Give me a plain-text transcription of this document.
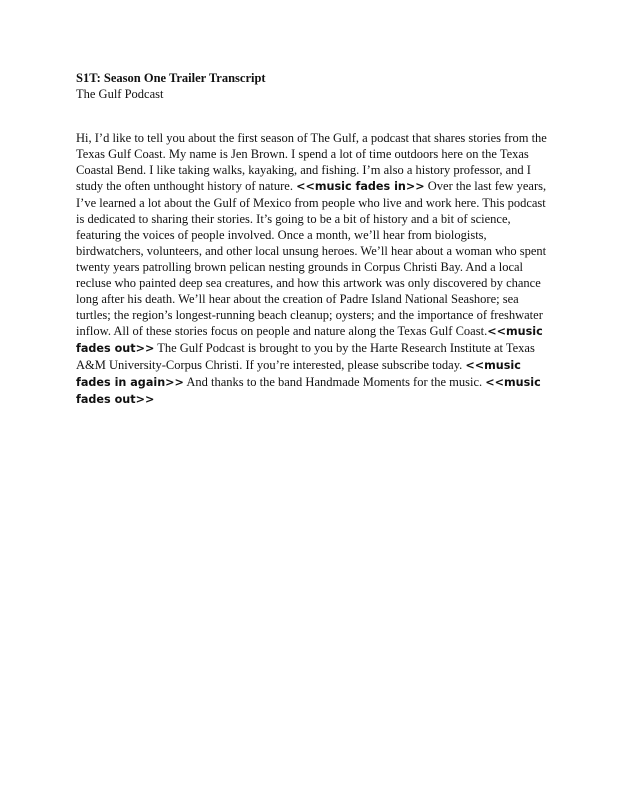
S1T: Season One Trailer Transcript
The Gulf Podcast

Hi, I’d like to tell you about the first season of The Gulf, a podcast that shares stories from the Texas Gulf Coast. My name is Jen Brown. I spend a lot of time outdoors here on the Texas Coastal Bend. I like taking walks, kayaking, and fishing. I’m also a history professor, and I study the often unthought history of nature. <<music fades in>> Over the last few years, I’ve learned a lot about the Gulf of Mexico from people who live and work here. This podcast is dedicated to sharing their stories. It’s going to be a bit of history and a bit of science, featuring the voices of people involved. Once a month, we’ll hear from biologists, birdwatchers, volunteers, and other local unsung heroes. We’ll hear about a woman who spent twenty years patrolling brown pelican nesting grounds in Corpus Christi Bay. And a local recluse who painted deep sea creatures, and how this artwork was only discovered by chance long after his death. We’ll hear about the creation of Padre Island National Seashore; sea turtles; the region’s longest-running beach cleanup; oysters; and the importance of freshwater inflow. All of these stories focus on people and nature along the Texas Gulf Coast.<<music fades out>> The Gulf Podcast is brought to you by the Harte Research Institute at Texas A&M University-Corpus Christi. If you’re interested, please subscribe today. <<music fades in again>> And thanks to the band Handmade Moments for the music. <<music fades out>>
